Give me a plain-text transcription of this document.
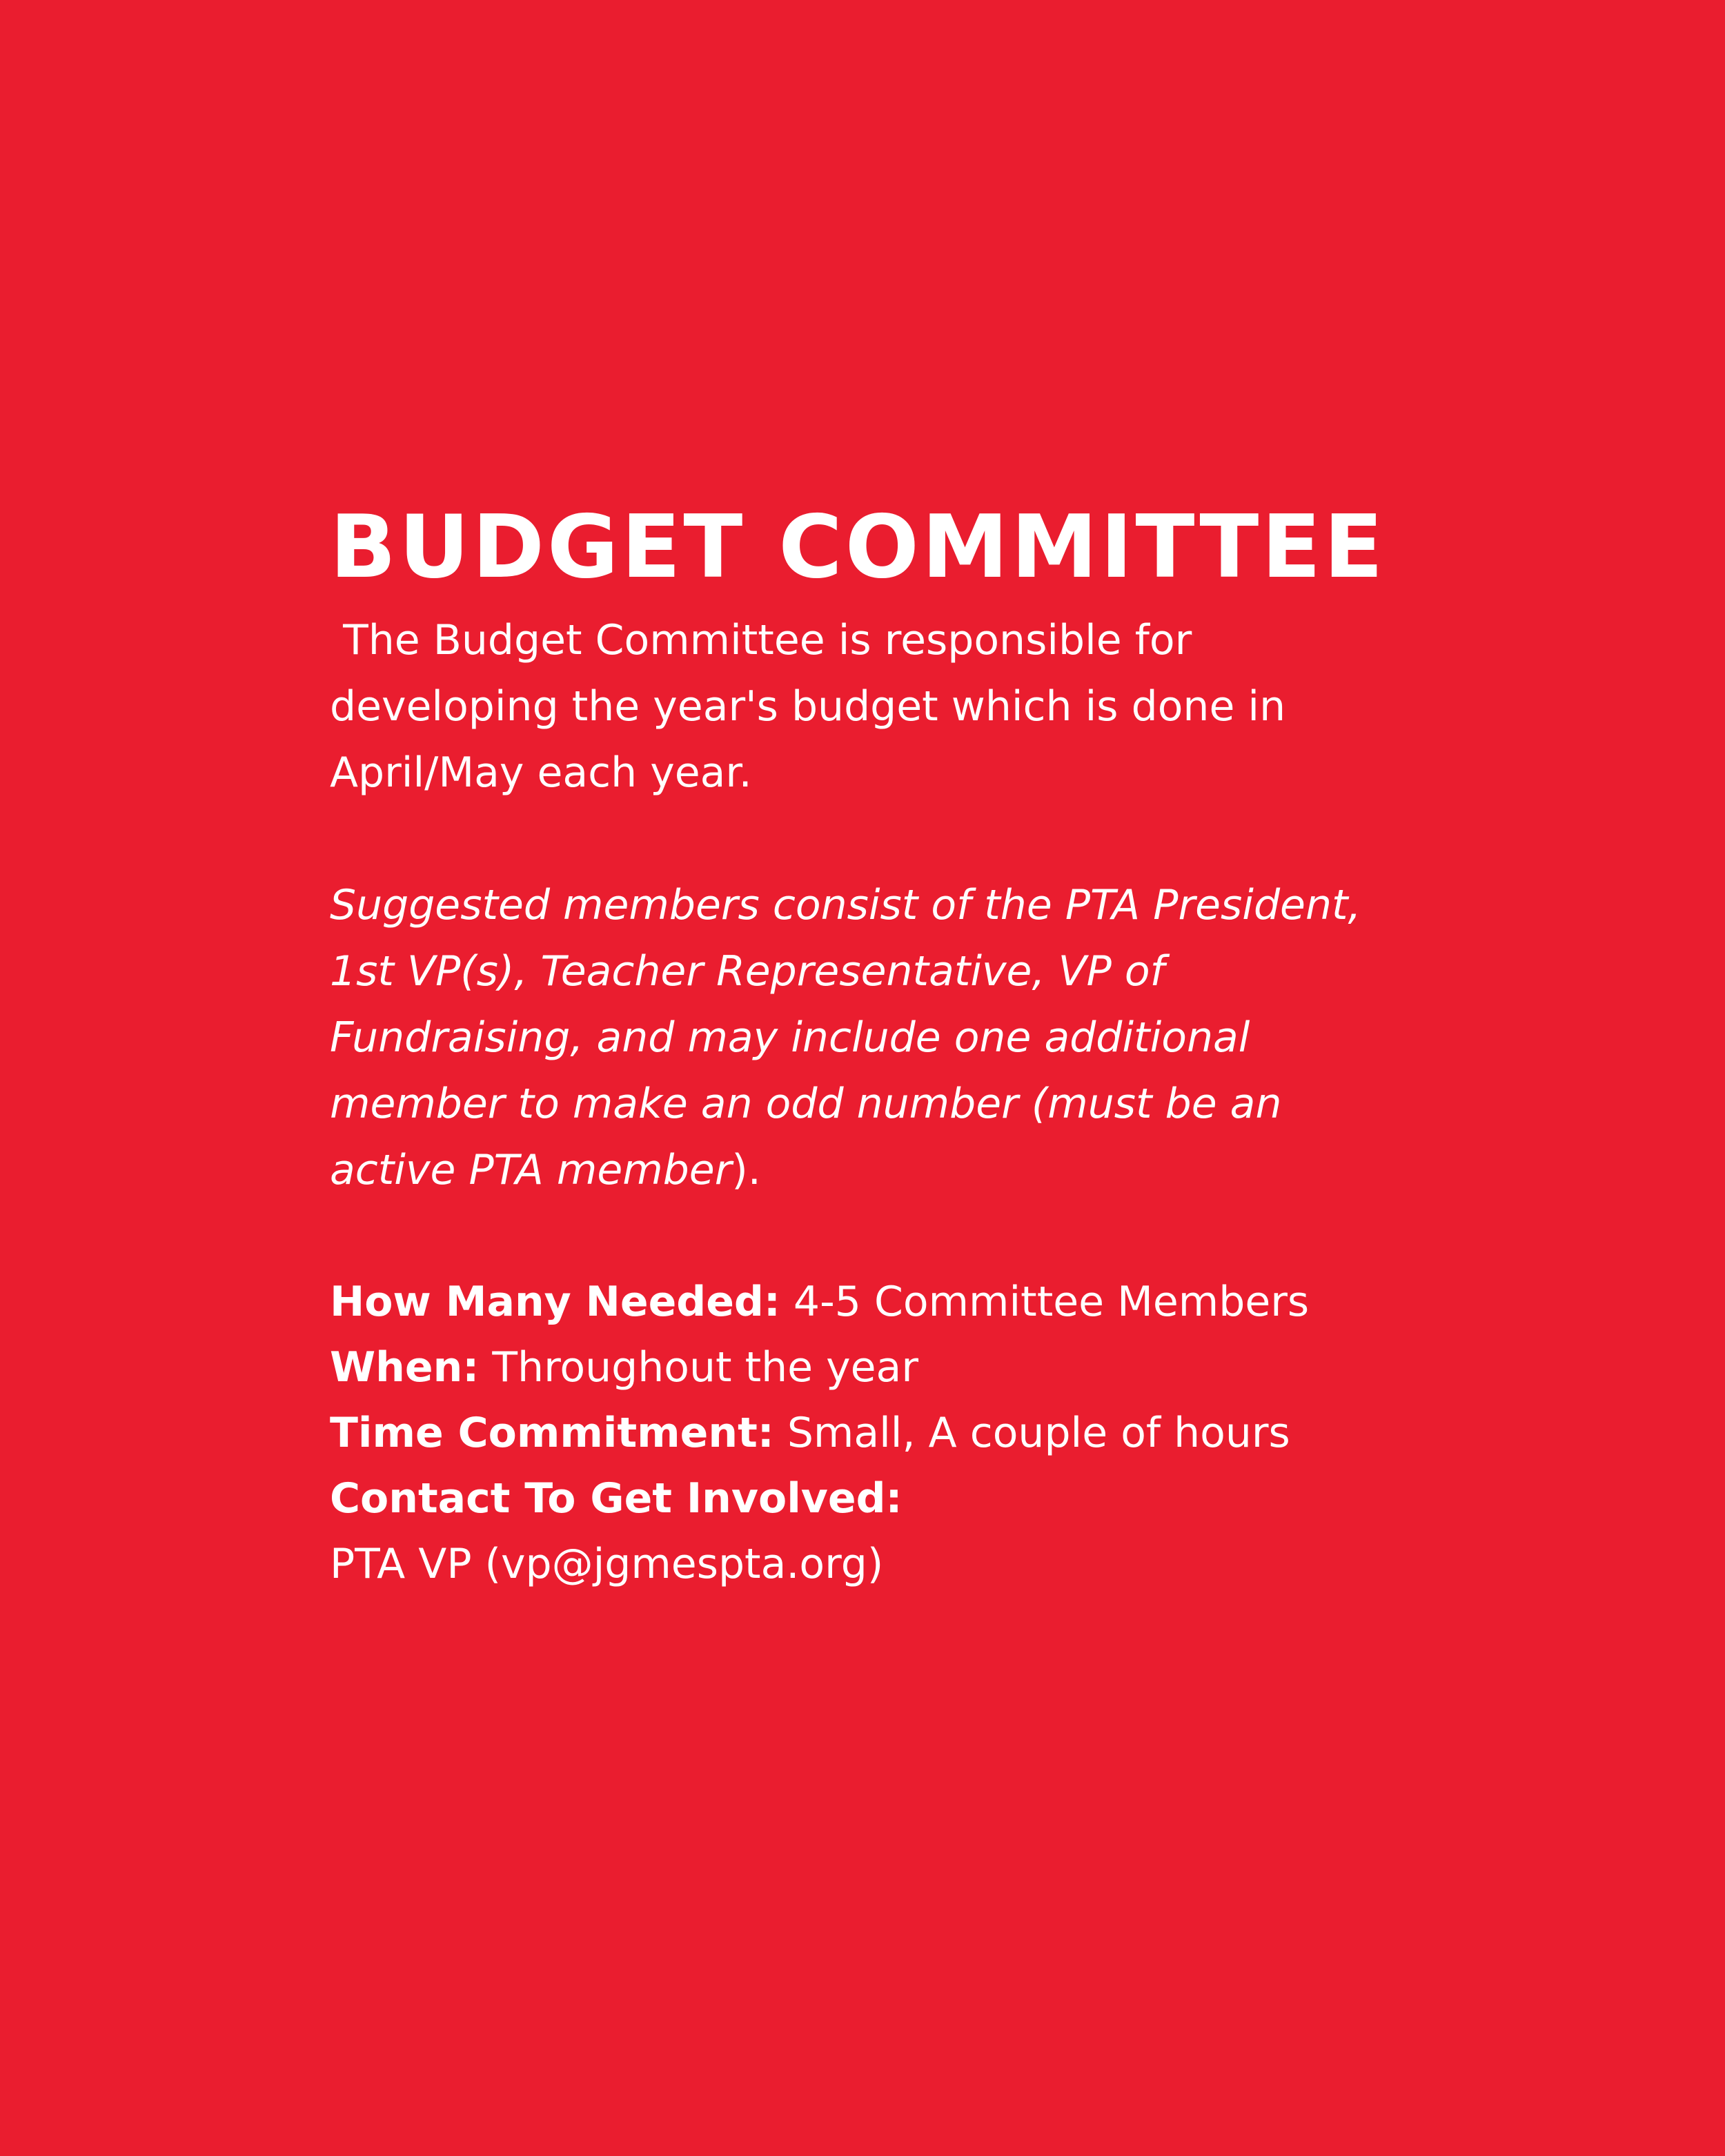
BUDGET COMMITTEE

The Budget Committee is responsible for developing the year's budget which is done in April/May each year.

Suggested members consist of the PTA President, 1st VP(s), Teacher Representative, VP of Fundraising, and may include one additional member to make an odd number (must be an active PTA member).

How Many Needed: 4-5 Committee Members
When: Throughout the year
Time Commitment: Small, A couple of hours
Contact To Get Involved:
PTA VP (vp@jgmespta.org)
